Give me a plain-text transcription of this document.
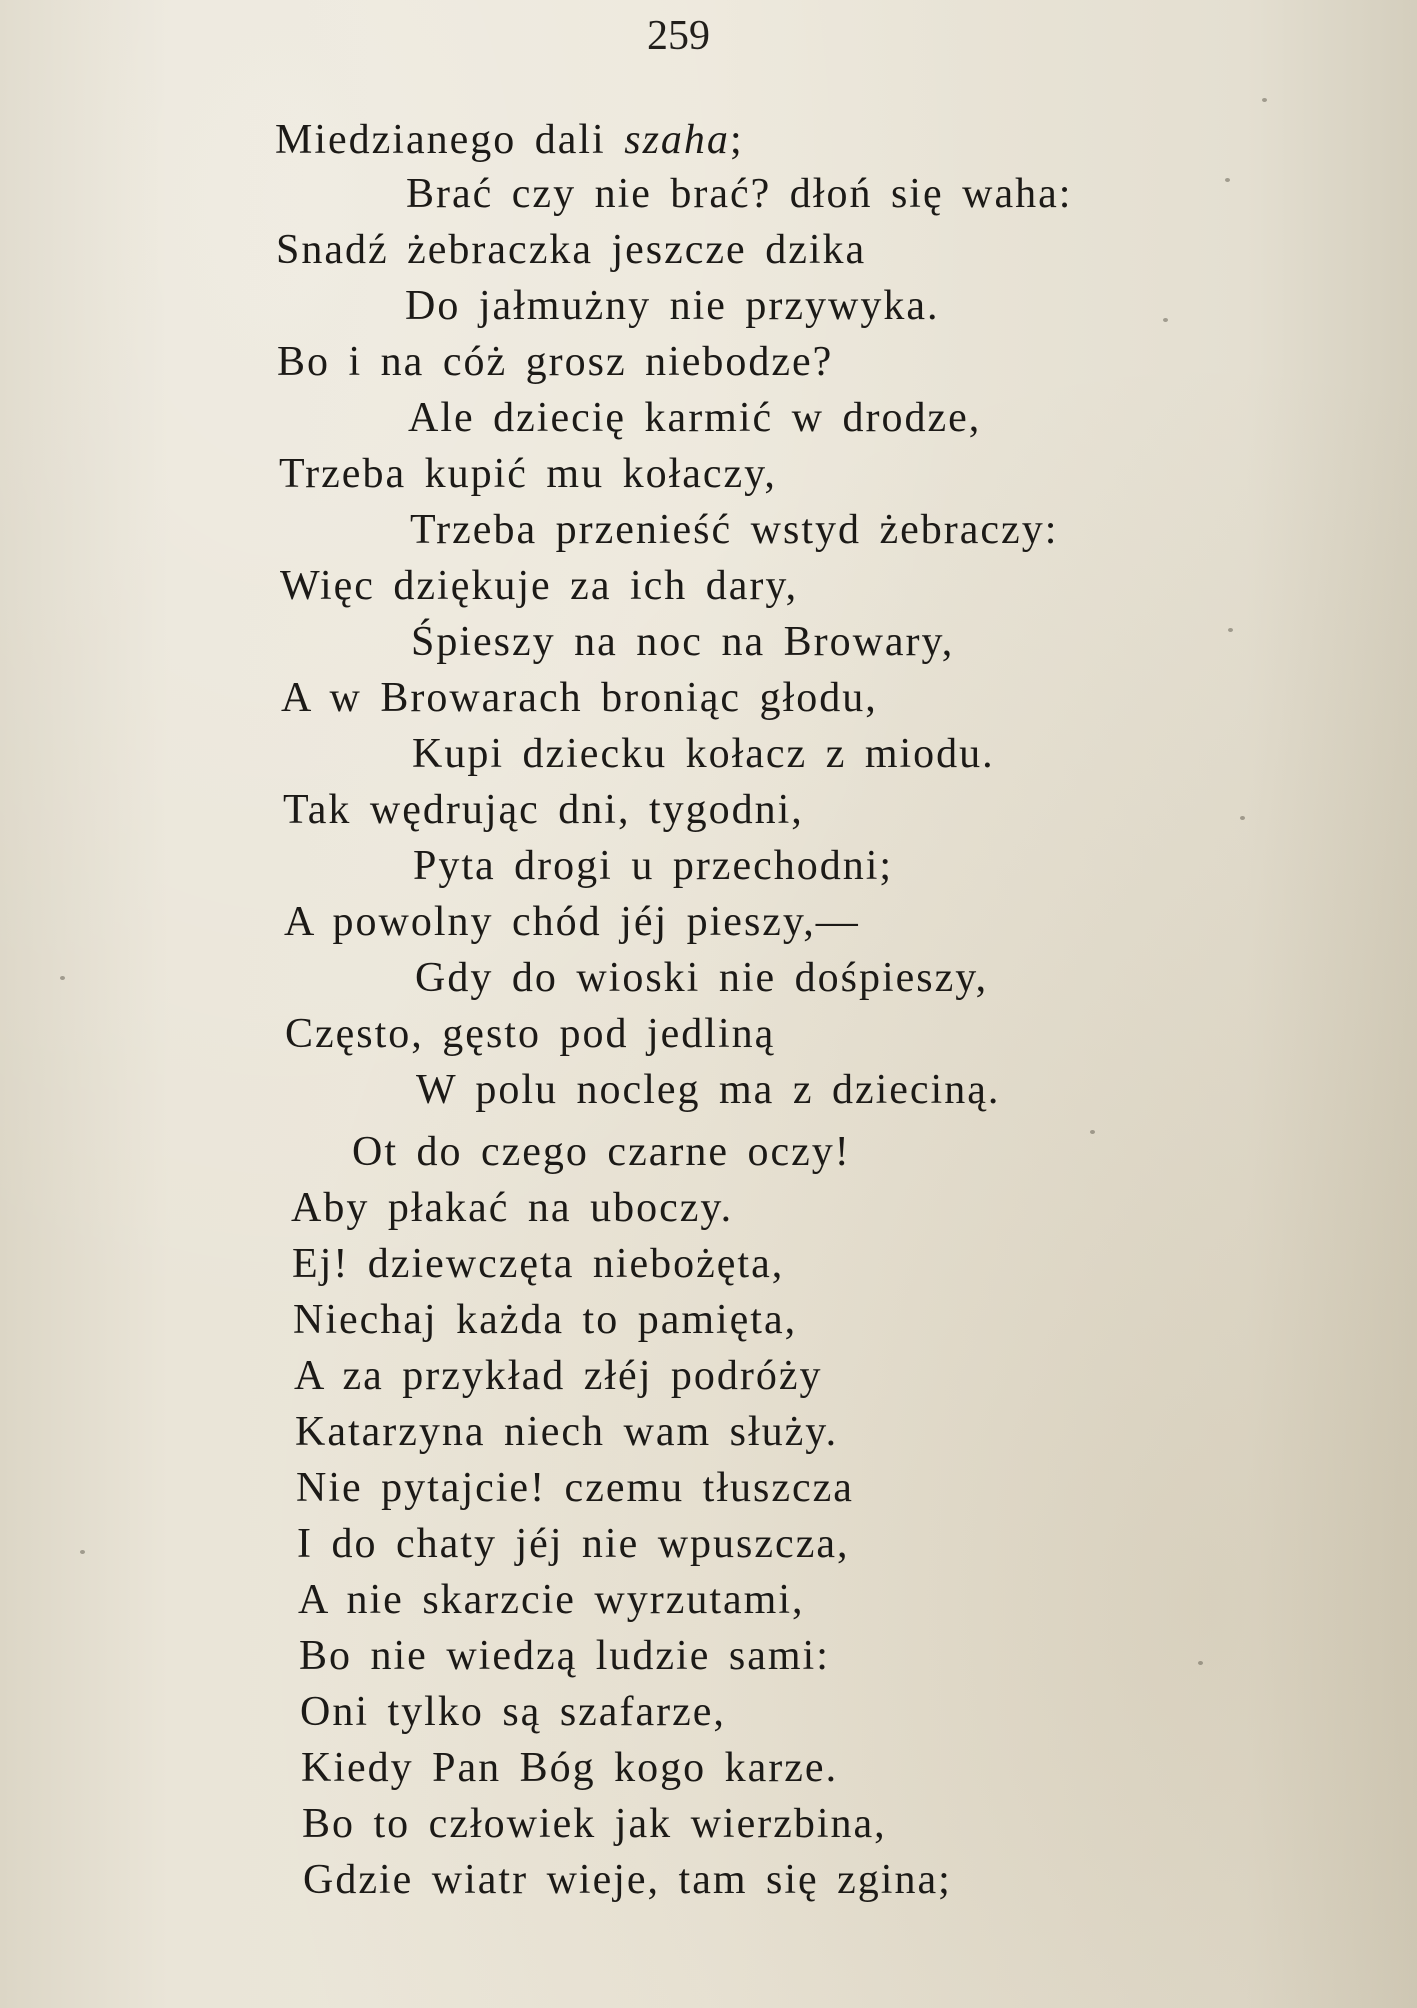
259
Miedzianego dali szaha;
Brać czy nie brać? dłoń się waha:
Snadź żebraczka jeszcze dzika
Do jałmużny nie przywyka.
Bo i na cóż grosz niebodze?
Ale dziecię karmić w drodze,
Trzeba kupić mu kołaczy,
Trzeba przenieść wstyd żebraczy:
Więc dziękuje za ich dary,
Śpieszy na noc na Browary,
A w Browarach broniąc głodu,
Kupi dziecku kołacz z miodu.
Tak wędrując dni, tygodni,
Pyta drogi u przechodni;
A powolny chód jéj pieszy,—
Gdy do wioski nie dośpieszy,
Często, gęsto pod jedliną
W polu nocleg ma z dzieciną.
Ot do czego czarne oczy!
Aby płakać na uboczy.
Ej! dziewczęta niebożęta,
Niechaj każda to pamięta,
A za przykład złéj podróży
Katarzyna niech wam służy.
Nie pytajcie! czemu tłuszcza
I do chaty jéj nie wpuszcza,
A nie skarzcie wyrzutami,
Bo nie wiedzą ludzie sami:
Oni tylko są szafarze,
Kiedy Pan Bóg kogo karze.
Bo to człowiek jak wierzbina,
Gdzie wiatr wieje, tam się zgina;
